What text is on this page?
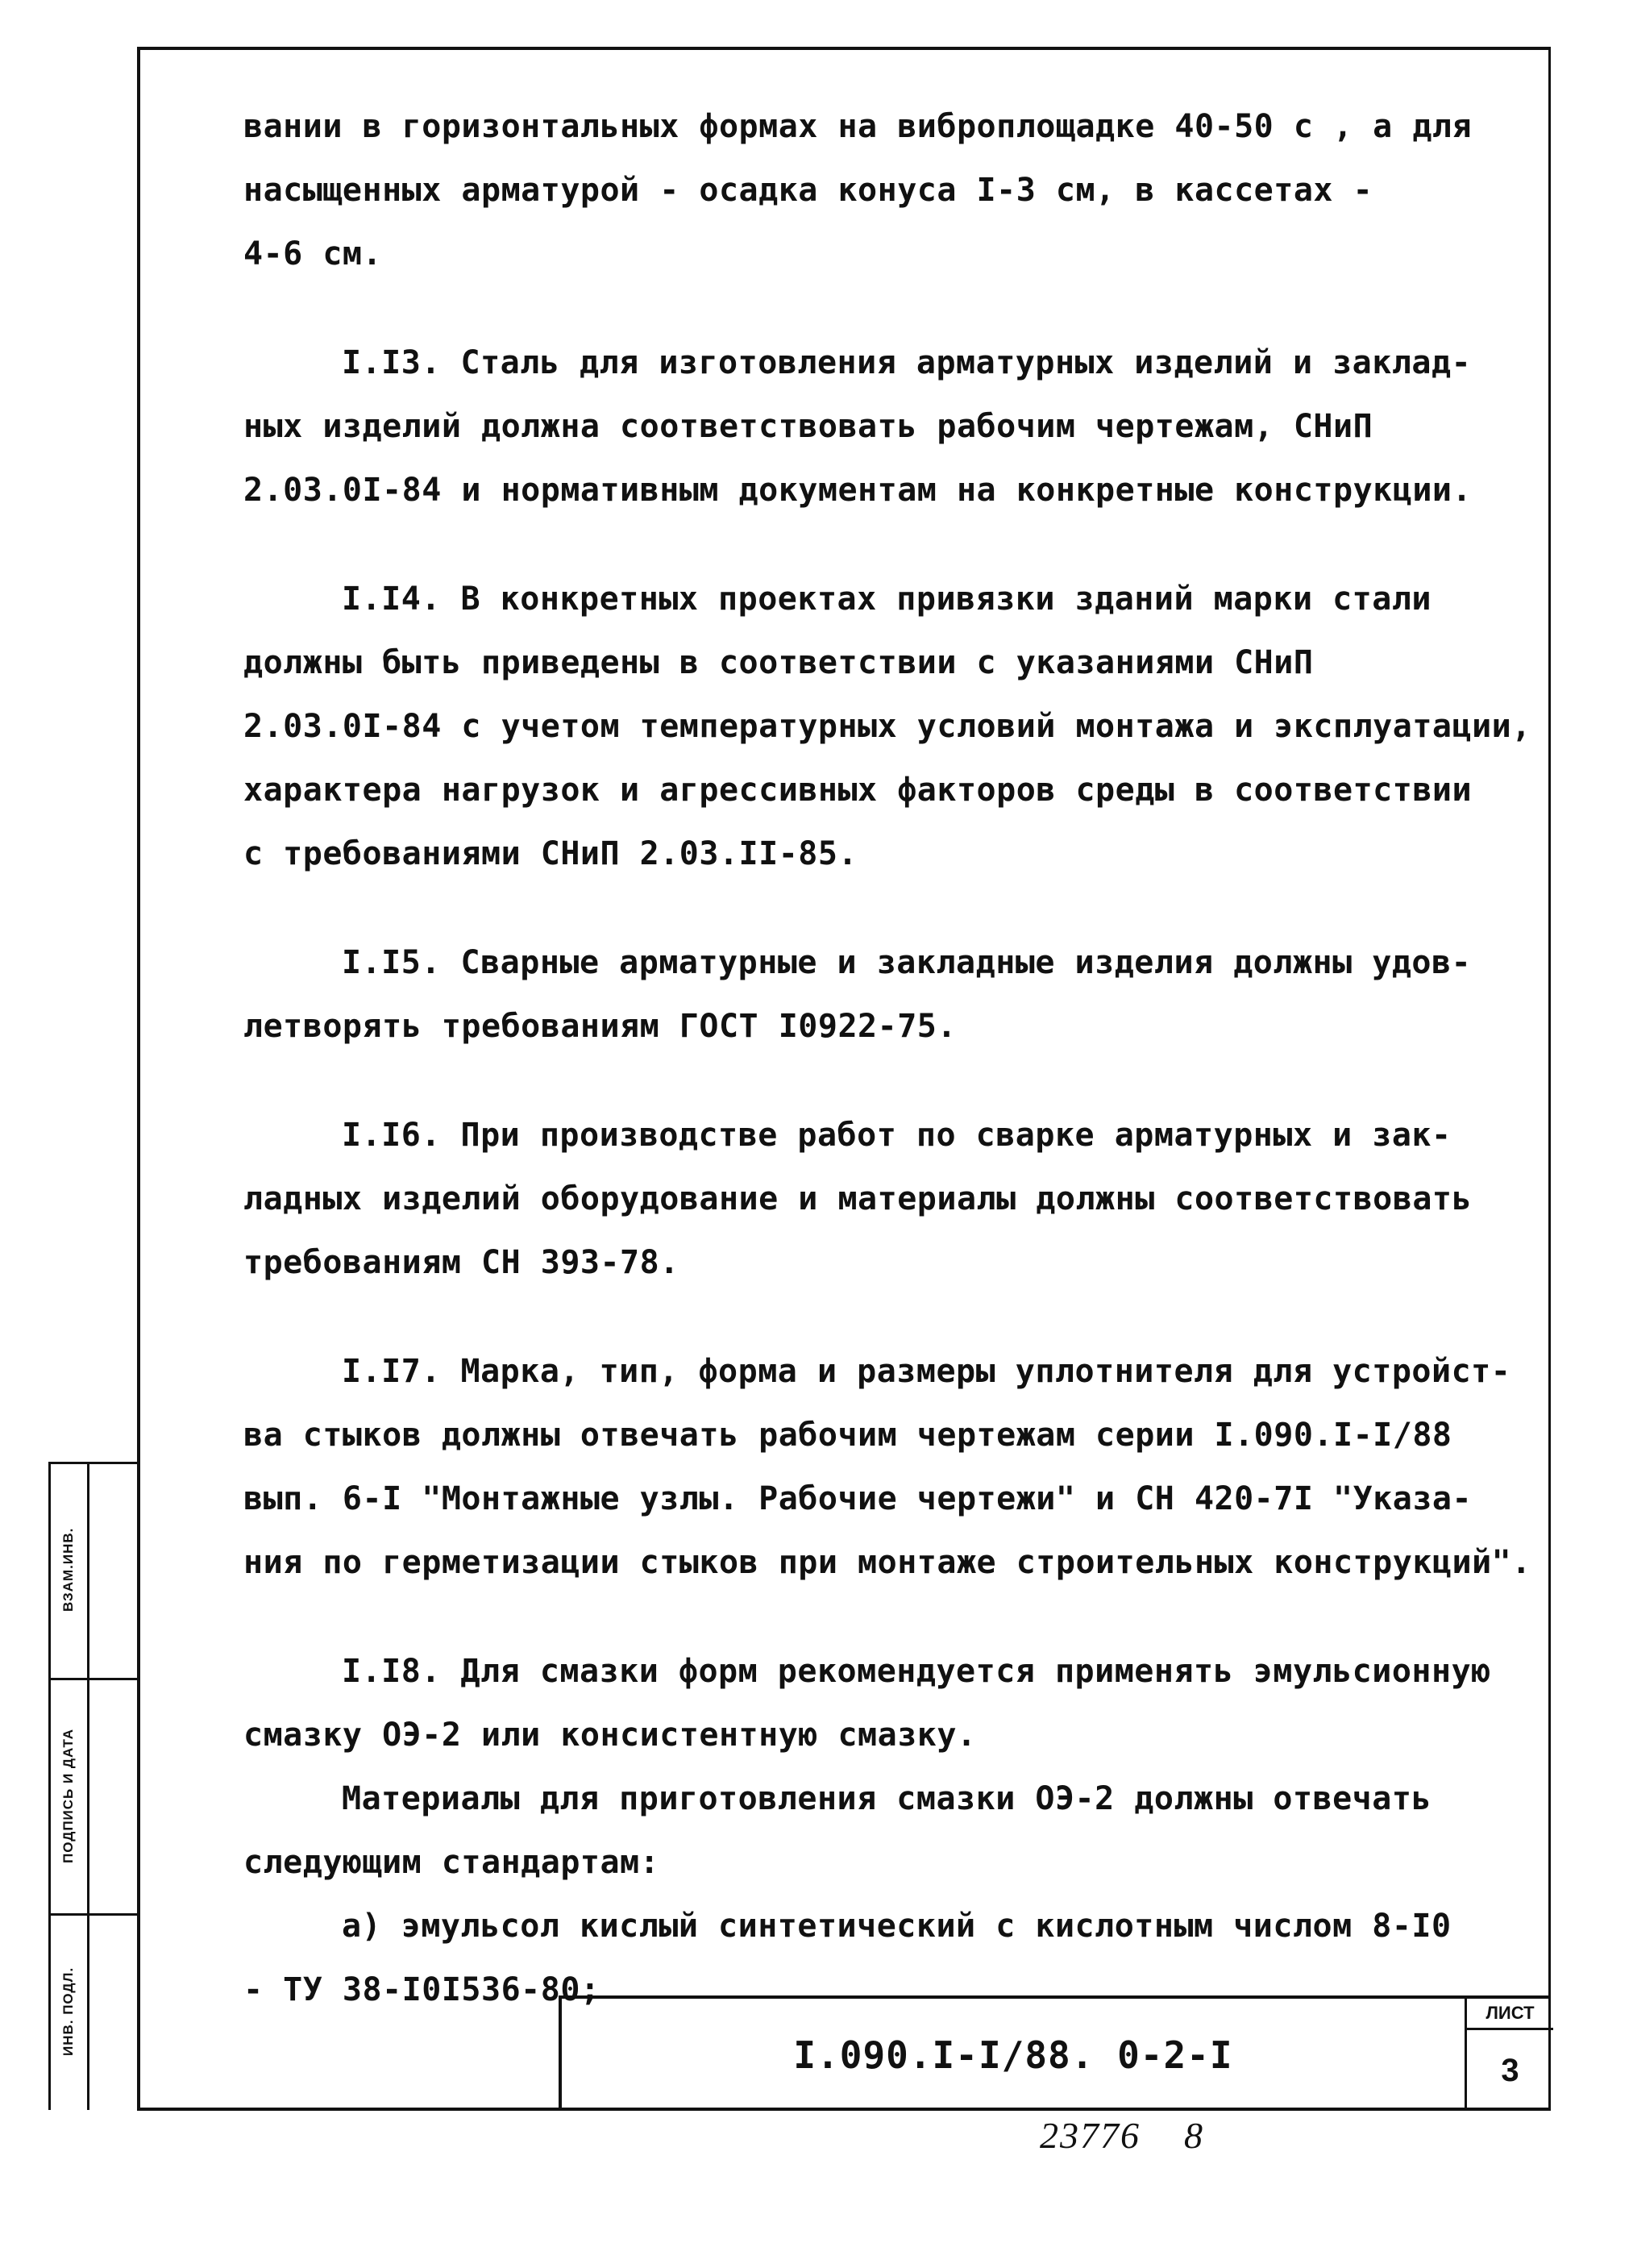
вании в горизонтальных формах на виброплощадке 40-50 с , а для

насыщенных арматурой - осадка конуса I-3 см, в кассетах -

4-6 см.

I.I3. Сталь для изготовления арматурных изделий и заклад-

ных изделий должна соответствовать рабочим чертежам, СНиП

2.03.0I-84 и нормативным документам на конкретные конструкции.

I.I4. В конкретных проектах привязки зданий марки стали

должны быть приведены в соответствии с указаниями СНиП

2.03.0I-84 с учетом температурных условий монтажа и эксплуатации,

характера нагрузок и агрессивных факторов среды в соответствии

с требованиями СНиП 2.03.II-85.

I.I5. Сварные арматурные и закладные изделия должны удов-

летворять требованиям ГОСТ I0922-75.

I.I6. При производстве работ по сварке арматурных и зак-

ладных изделий оборудование и материалы должны соответствовать

требованиям СН 393-78.

I.I7. Марка, тип, форма и размеры уплотнителя для устройст-

ва стыков должны отвечать рабочим чертежам серии I.090.I-I/88

вып. 6-I "Монтажные узлы. Рабочие чертежи" и СН 420-7I "Указа-

ния по герметизации стыков при монтаже строительных конструкций".

I.I8. Для смазки форм рекомендуется применять эмульсионную

смазку ОЭ-2 или консистентную смазку.

Материалы для приготовления смазки ОЭ-2 должны отвечать

следующим стандартам:

а) эмульсол кислый синтетический с кислотным числом 8-I0

- ТУ 38-I0I536-80;

ВЗАМ.ИНВ.
ПОДПИСЬ И ДАТА
ИНВ. ПОДЛ.	I.090.I-I/88. 0-2-I
ЛИСТ
3
23776 8
